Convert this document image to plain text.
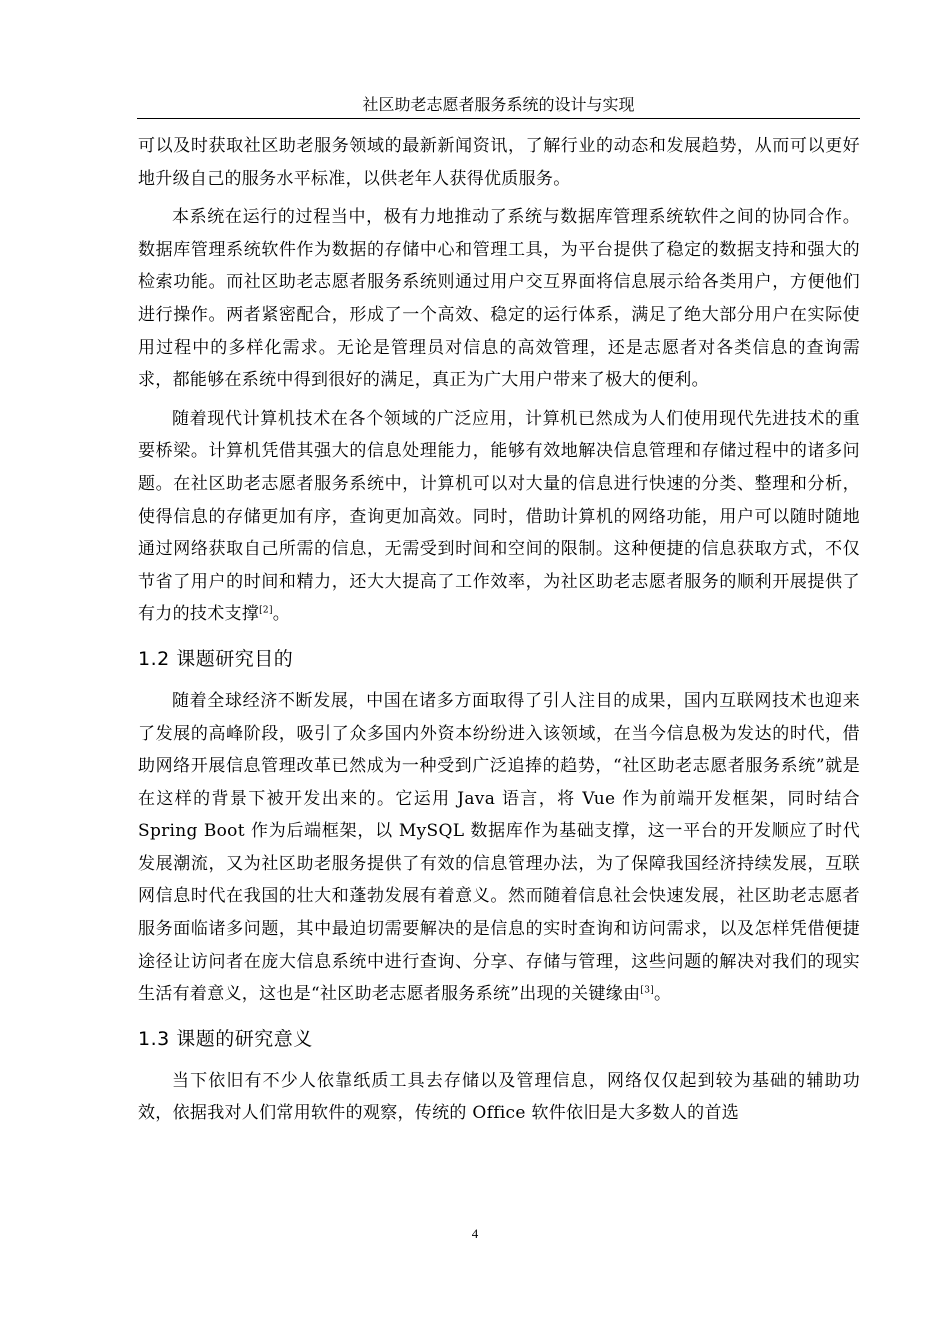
社区助老志愿者服务系统的设计与实现

可以及时获取社区助老服务领域的最新新闻资讯，了解行业的动态和发展趋势，从而可以更好地升级自己的服务水平标准，以供老年人获得优质服务。

本系统在运行的过程当中，极有力地推动了系统与数据库管理系统软件之间的协同合作。数据库管理系统软件作为数据的存储中心和管理工具，为平台提供了稳定的数据支持和强大的检索功能。而社区助老志愿者服务系统则通过用户交互界面将信息展示给各类用户，方便他们进行操作。两者紧密配合，形成了一个高效、稳定的运行体系，满足了绝大部分用户在实际使用过程中的多样化需求。无论是管理员对信息的高效管理，还是志愿者对各类信息的查询需求，都能够在系统中得到很好的满足，真正为广大用户带来了极大的便利。

随着现代计算机技术在各个领域的广泛应用，计算机已然成为人们使用现代先进技术的重要桥梁。计算机凭借其强大的信息处理能力，能够有效地解决信息管理和存储过程中的诸多问题。在社区助老志愿者服务系统中，计算机可以对大量的信息进行快速的分类、整理和分析，使得信息的存储更加有序，查询更加高效。同时，借助计算机的网络功能，用户可以随时随地通过网络获取自己所需的信息，无需受到时间和空间的限制。这种便捷的信息获取方式，不仅节省了用户的时间和精力，还大大提高了工作效率，为社区助老志愿者服务的顺利开展提供了有力的技术支撑[2]。

1.2 课题研究目的

随着全球经济不断发展，中国在诸多方面取得了引人注目的成果，国内互联网技术也迎来了发展的高峰阶段，吸引了众多国内外资本纷纷进入该领域，在当今信息极为发达的时代，借助网络开展信息管理改革已然成为一种受到广泛追捧的趋势，“社区助老志愿者服务系统”就是在这样的背景下被开发出来的。它运用 Java 语言，将 Vue 作为前端开发框架，同时结合 Spring Boot 作为后端框架，以 MySQL 数据库作为基础支撑，这一平台的开发顺应了时代发展潮流，又为社区助老服务提供了有效的信息管理办法，为了保障我国经济持续发展，互联网信息时代在我国的壮大和蓬勃发展有着意义。然而随着信息社会快速发展，社区助老志愿者服务面临诸多问题，其中最迫切需要解决的是信息的实时查询和访问需求，以及怎样凭借便捷途径让访问者在庞大信息系统中进行查询、分享、存储与管理，这些问题的解决对我们的现实生活有着意义，这也是“社区助老志愿者服务系统”出现的关键缘由[3]。

1.3 课题的研究意义

当下依旧有不少人依靠纸质工具去存储以及管理信息，网络仅仅起到较为基础的辅助功效，依据我对人们常用软件的观察，传统的 Office 软件依旧是大多数人的首选

4
